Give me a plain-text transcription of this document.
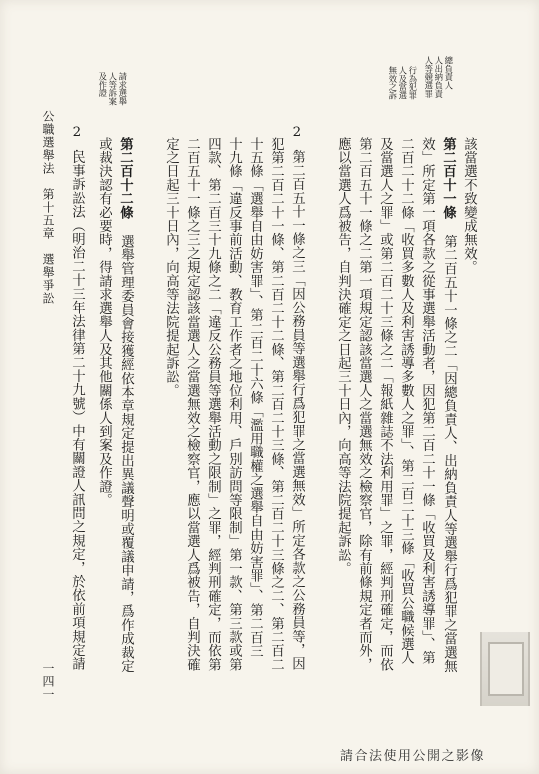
總負責人
人出納負責
人等競選罪
行為犯罪
人及當選
無效之訴
請求選舉
人等訴案
及作證
該當選不致變成無效。
第二百十一條 第二百五十一條之二「因總負責人、出納負責人等選舉行爲犯罪之當選無
效」所定第一項各款之從事選舉活動者，因犯第二百二十一條「收買及利害誘導罪」、第
二百二十二條「收買多數人及利害誘導多數人之罪」、第二百二十三條「收買公職候選人
及當選人之罪」或第二百二十三條之二「報紙雜誌不法利用罪」之罪，經判刑確定，而依
第二百五十一條之二第一項規定認該當選人之當選無效之檢察官，除有前條規定者而外，
應以當選人爲被告，自判決確定之日起三十日內，向高等法院提起訴訟。
2.
第二百五十一條之三「因公務員等選舉行爲犯罪之當選無效」所定各款之公務員等，因
犯第二百二十一條、第二百二十二條、第二百二十三條、第二百二十三條之二、第二百二
十五條「選舉自由妨害罪」、第二百二十六條「濫用職權之選舉自由妨害罪」、第二百三
十九條「違反事前活動、教育工作者之地位利用、戶別訪問等限制」第一款、第三款或第
四款、第二百三十九條之二「違反公務員等選舉活動之限制」之罪，經判刑確定，而依第
二百五十一條之三之規定認該當選人之當選無效之檢察官，應以當選人爲被告，自判決確
定之日起三十日內，向高等法院提起訴訟。
第二百十二條 選舉管理委員會接獲經依本章規定提出異議聲明或覆議申請，爲作成裁定
或裁決認有必要時，得請求選舉人及其他關係人到案及作證。
2.
民事訴訟法（明治二十三年法律第二十九號）中有關證人訊問之規定，於依前項規定請
公職選舉法　第十五章　選舉爭訟
一四一
請合法使用公開之影像
